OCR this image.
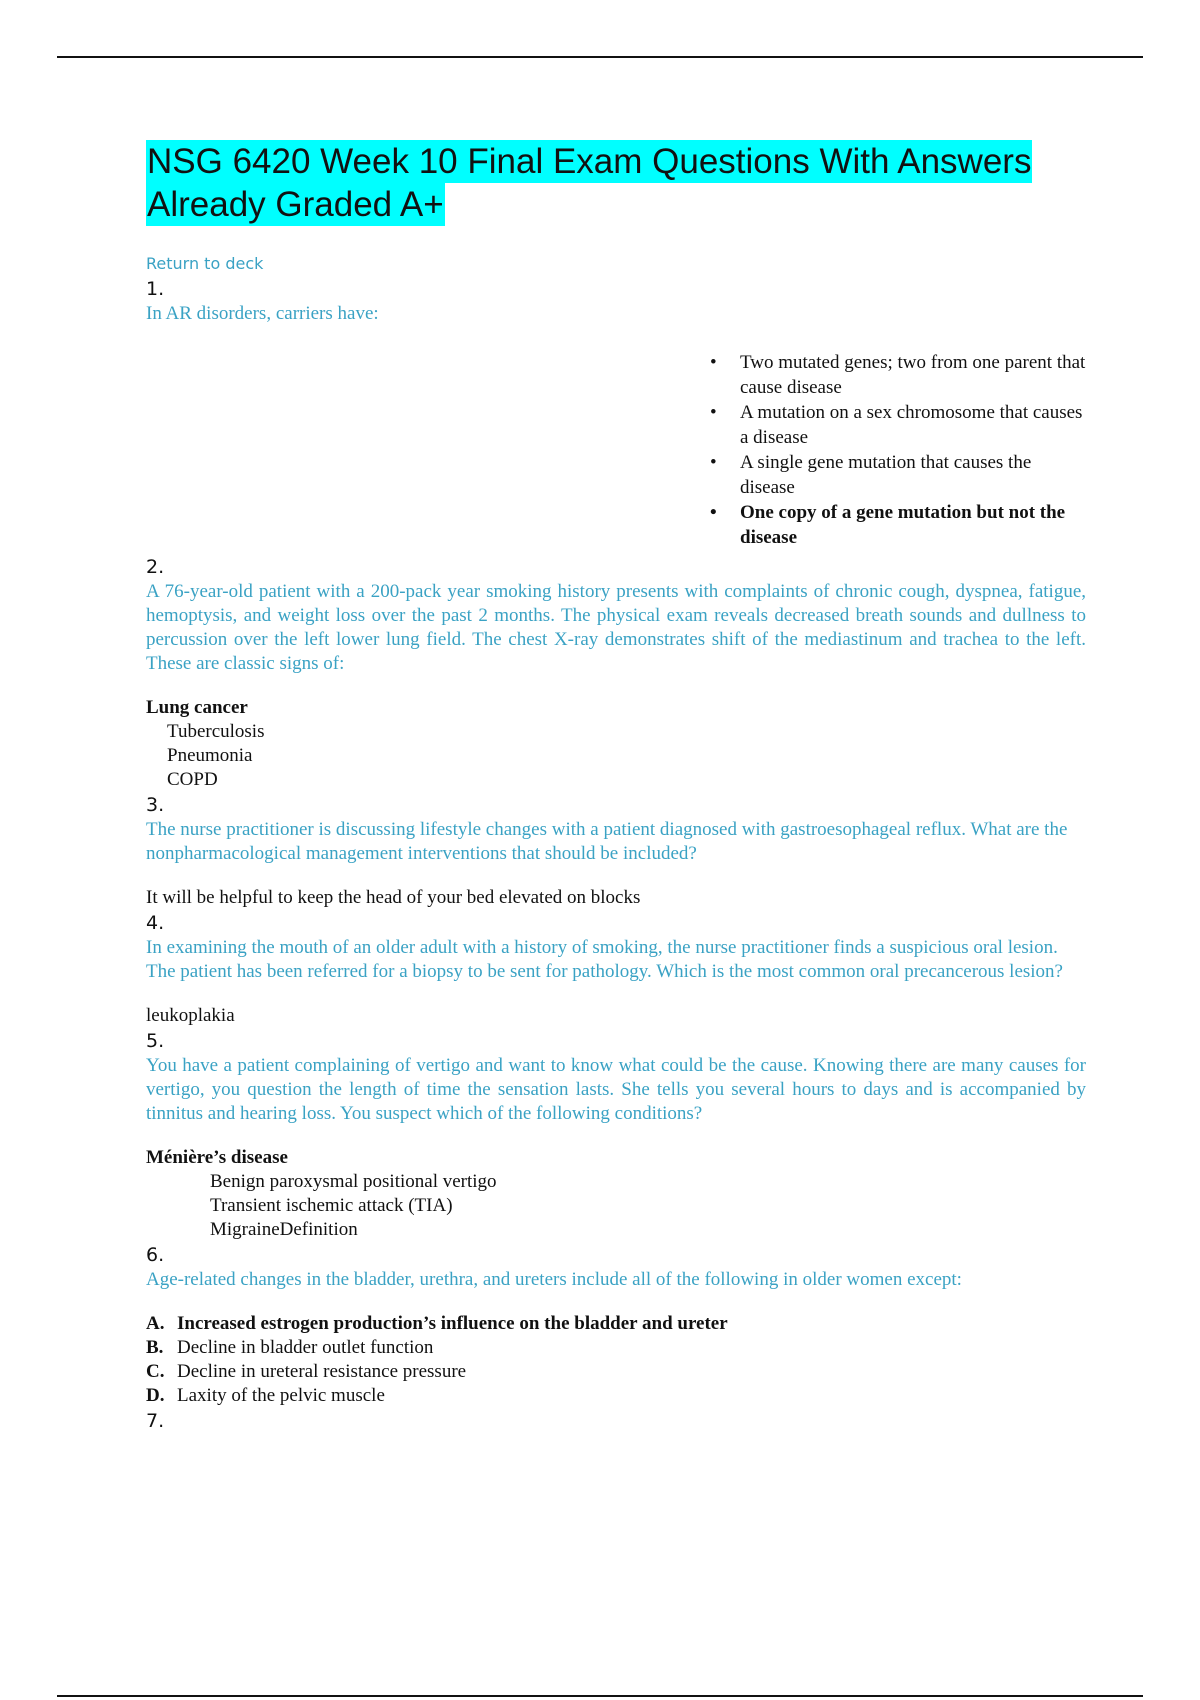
NSG 6420 Week 10 Final Exam Questions With Answers
Already Graded A+
Return to deck

1.

In AR disorders, carriers have:

• Two mutated genes; two from one parent that cause disease
• A mutation on a sex chromosome that causes a disease
• A single gene mutation that causes the disease
• One copy of a gene mutation but not the disease

2.

A 76-year-old patient with a 200-pack year smoking history presents with complaints of chronic cough, dyspnea, fatigue, hemoptysis, and weight loss over the past 2 months. The physical exam reveals decreased breath sounds and dullness to percussion over the left lower lung field. The chest X-ray demonstrates shift of the mediastinum and trachea to the left. These are classic signs of:

Lung cancer
Tuberculosis
Pneumonia
COPD

3.

The nurse practitioner is discussing lifestyle changes with a patient diagnosed with gastroesophageal reflux. What are the nonpharmacological management interventions that should be included?

It will be helpful to keep the head of your bed elevated on blocks

4.

In examining the mouth of an older adult with a history of smoking, the nurse practitioner finds a suspicious oral lesion. The patient has been referred for a biopsy to be sent for pathology. Which is the most common oral precancerous lesion?

leukoplakia

5.

You have a patient complaining of vertigo and want to know what could be the cause. Knowing there are many causes for vertigo, you question the length of time the sensation lasts. She tells you several hours to days and is accompanied by tinnitus and hearing loss. You suspect which of the following conditions?

Ménière’s disease
Benign paroxysmal positional vertigo
Transient ischemic attack (TIA)
MigraineDefinition

6.

Age-related changes in the bladder, urethra, and ureters include all of the following in older women except:

A. Increased estrogen production’s influence on the bladder and ureter
B. Decline in bladder outlet function
C. Decline in ureteral resistance pressure
D. Laxity of the pelvic muscle

7.
